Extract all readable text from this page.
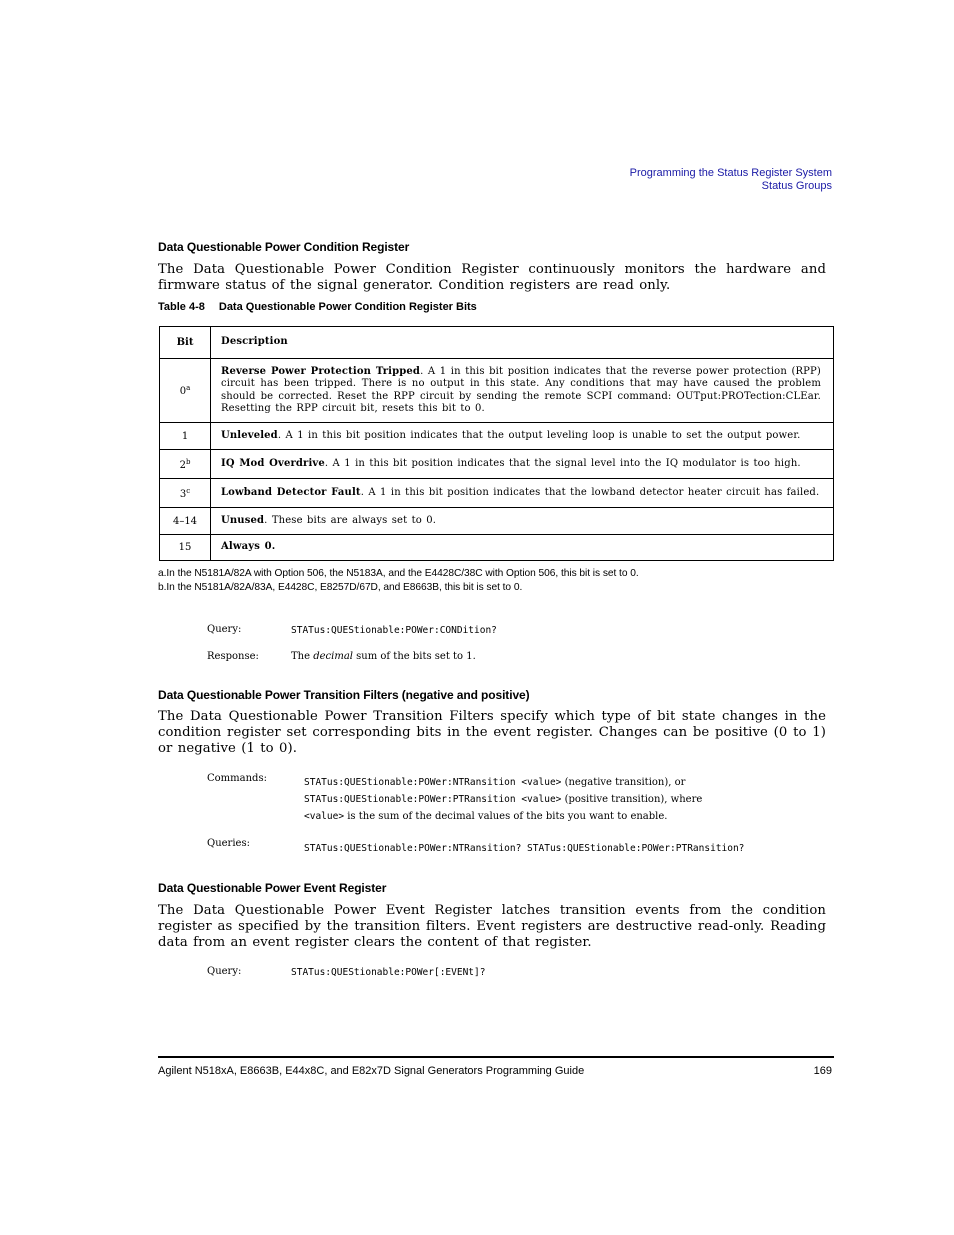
Programming the Status Register System
Status Groups
Data Questionable Power Condition Register
The Data Questionable Power Condition Register continuously monitors the hardware and firmware status of the signal generator. Condition registers are read only.
Table 4-8 Data Questionable Power Condition Register Bits
Bit	Description
0$^a$	Reverse Power Protection Tripped. A 1 in this bit position indicates that the reverse power protection (RPP) circuit has been tripped. There is no output in this state. Any conditions that may have caused the problem should be corrected. Reset the RPP circuit by sending the remote SCPI command: OUTput:PROTection:CLEar. Resetting the RPP circuit bit, resets this bit to 0.
1	Unleveled. A 1 in this bit position indicates that the output leveling loop is unable to set the output power.
2$^b$	IQ Mod Overdrive. A 1 in this bit position indicates that the signal level into the IQ modulator is too high.
3$^c$	Lowband Detector Fault. A 1 in this bit position indicates that the lowband detector heater circuit has failed.
4–14	Unused. These bits are always set to 0.
15	Always 0.
a.In the N5181A/82A with Option 506, the N5183A, and the E4428C/38C with Option 506, this bit is set to 0.
b.In the N5181A/82A/83A, E4428C, E8257D/67D, and E8663B, this bit is set to 0.
Query:	STATus:QUEStionable:POWer:CONDition?
Response:	The decimal sum of the bits set to 1.
Data Questionable Power Transition Filters (negative and positive)
The Data Questionable Power Transition Filters specify which type of bit state changes in the condition register set corresponding bits in the event register. Changes can be positive (0 to 1) or negative (1 to 0).
Commands:	STATus:QUEStionable:POWer:NTRansition <value> (negative transition), or
STATus:QUEStionable:POWer:PTRansition <value> (positive transition), where
<value> is the sum of the decimal values of the bits you want to enable.
Queries:	STATus:QUEStionable:POWer:NTRansition? STATus:QUEStionable:POWer:PTRansition?
Data Questionable Power Event Register
The Data Questionable Power Event Register latches transition events from the condition register as specified by the transition filters. Event registers are destructive read-only. Reading data from an event register clears the content of that register.
Query:	STATus:QUEStionable:POWer[:EVENt]?
Agilent N518xA, E8663B, E44x8C, and E82x7D Signal Generators Programming Guide	169
